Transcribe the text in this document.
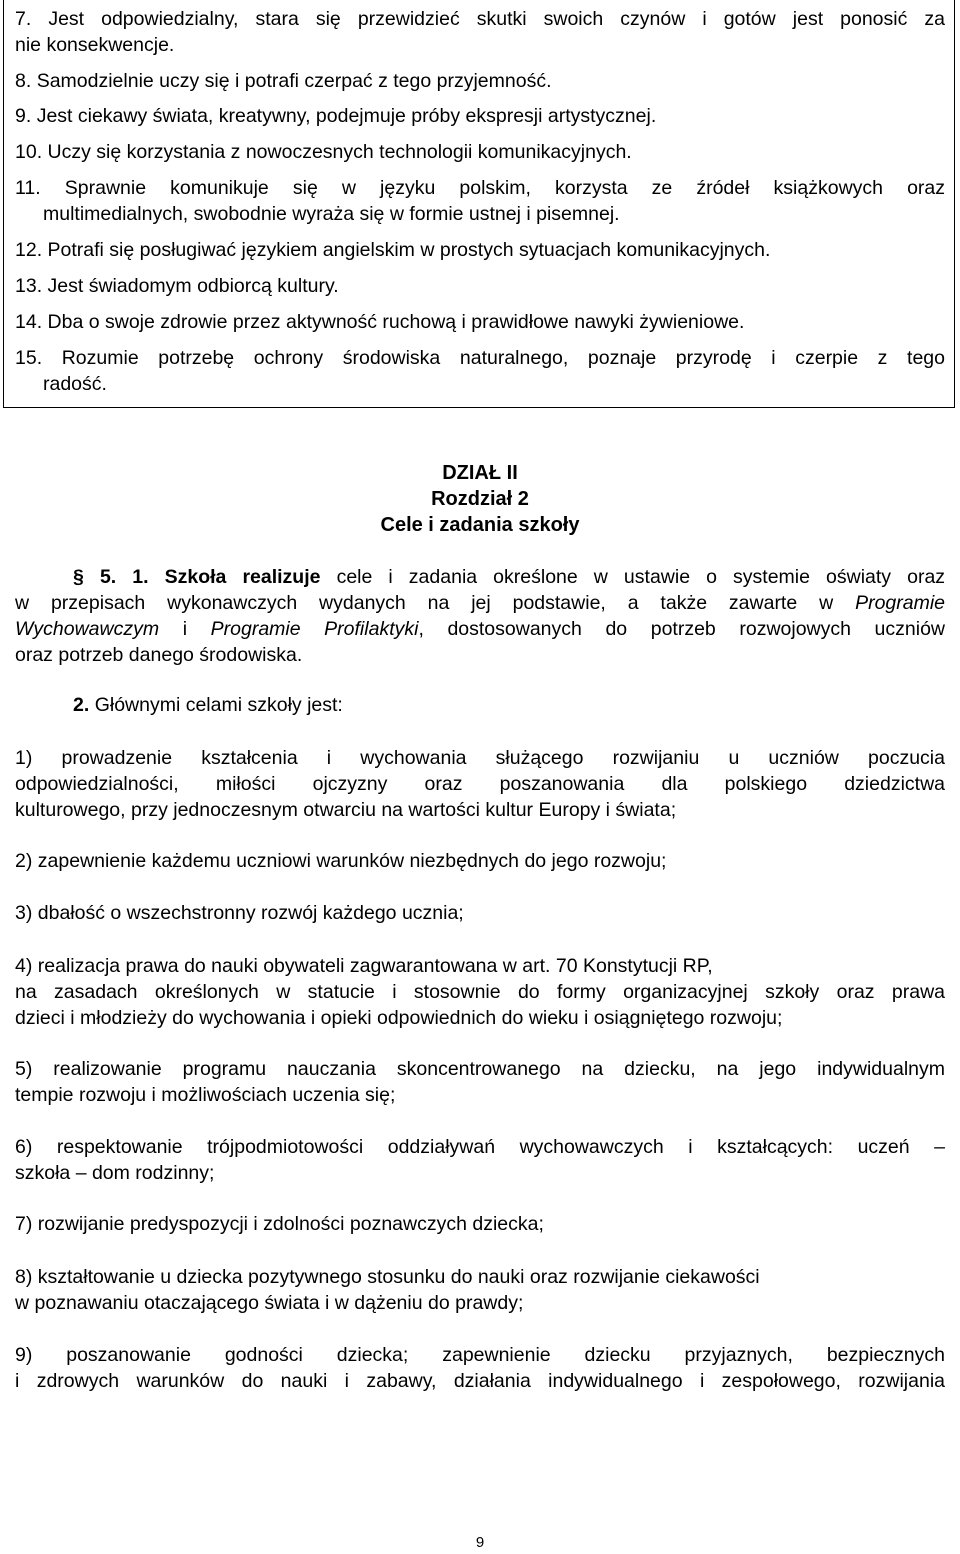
7. Jest odpowiedzialny, stara się przewidzieć skutki swoich czynów i gotów jest ponosić za
nie konsekwencje.
8. Samodzielnie uczy się i potrafi czerpać z tego przyjemność.
9. Jest ciekawy świata, kreatywny, podejmuje próby ekspresji artystycznej.
10. Uczy się korzystania z nowoczesnych technologii komunikacyjnych.
11. Sprawnie komunikuje się w języku polskim, korzysta ze źródeł książkowych oraz
multimedialnych, swobodnie wyraża się w formie ustnej i pisemnej.
12. Potrafi się posługiwać językiem angielskim w prostych sytuacjach komunikacyjnych.
13. Jest świadomym odbiorcą kultury.
14. Dba o swoje zdrowie przez aktywność ruchową i prawidłowe nawyki żywieniowe.
15. Rozumie potrzebę ochrony środowiska naturalnego, poznaje przyrodę i czerpie z tego
radość.
DZIAŁ II
Rozdział 2
Cele i zadania szkoły
§ 5. 1. Szkoła realizuje cele i zadania określone w ustawie o systemie oświaty oraz
w przepisach wykonawczych wydanych na jej podstawie, a także zawarte w Programie
Wychowawczym i Programie Profilaktyki, dostosowanych do potrzeb rozwojowych uczniów
oraz potrzeb danego środowiska.
2. Głównymi celami szkoły jest:
1) prowadzenie kształcenia i wychowania służącego rozwijaniu u uczniów poczucia
odpowiedzialności, miłości ojczyzny oraz poszanowania dla polskiego dziedzictwa
kulturowego, przy jednoczesnym otwarciu na wartości kultur Europy i świata;
2) zapewnienie każdemu uczniowi warunków niezbędnych do jego rozwoju;
3) dbałość o wszechstronny rozwój każdego ucznia;
4) realizacja prawa do nauki obywateli zagwarantowana w art. 70 Konstytucji RP,
na zasadach określonych w statucie i stosownie do formy organizacyjnej szkoły oraz prawa
dzieci i młodzieży do wychowania i opieki odpowiednich do wieku i osiągniętego rozwoju;
5) realizowanie programu nauczania skoncentrowanego na dziecku, na jego indywidualnym
tempie rozwoju i możliwościach uczenia się;
6) respektowanie trójpodmiotowości oddziaływań wychowawczych i kształcących: uczeń –
szkoła – dom rodzinny;
7) rozwijanie predyspozycji i zdolności poznawczych dziecka;
8) kształtowanie u dziecka pozytywnego stosunku do nauki oraz rozwijanie ciekawości
w poznawaniu otaczającego świata i w dążeniu do prawdy;
9) poszanowanie godności dziecka; zapewnienie dziecku przyjaznych, bezpiecznych
i zdrowych warunków do nauki i zabawy, działania indywidualnego i zespołowego, rozwijania
9
